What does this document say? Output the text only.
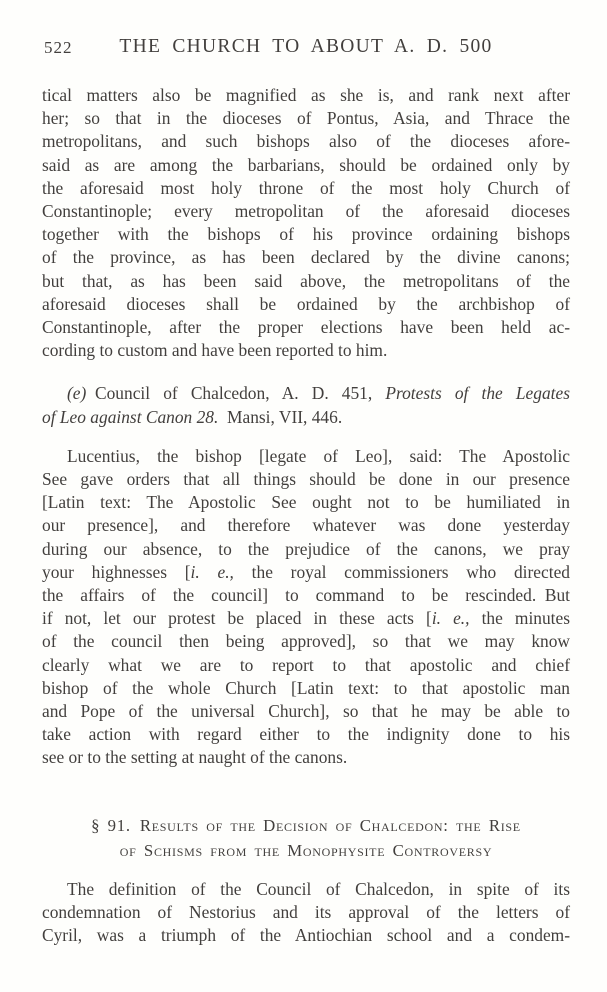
522	THE CHURCH TO ABOUT A. D. 500
tical matters also be magnified as she is, and rank next after
her; so that in the dioceses of Pontus, Asia, and Thrace the
metropolitans, and such bishops also of the dioceses afore-
said as are among the barbarians, should be ordained only by
the aforesaid most holy throne of the most holy Church of
Constantinople; every metropolitan of the aforesaid dioceses
together with the bishops of his province ordaining bishops
of the province, as has been declared by the divine canons;
but that, as has been said above, the metropolitans of the
aforesaid dioceses shall be ordained by the archbishop of
Constantinople, after the proper elections have been held ac-
cording to custom and have been reported to him.
(e) Council of Chalcedon, A. D. 451, Protests of the Legates
of Leo against Canon 28. Mansi, VII, 446.
Lucentius, the bishop [legate of Leo], said: The Apostolic
See gave orders that all things should be done in our presence
[Latin text: The Apostolic See ought not to be humiliated in
our presence], and therefore whatever was done yesterday
during our absence, to the prejudice of the canons, we pray
your highnesses [i. e., the royal commissioners who directed
the affairs of the council] to command to be rescinded. But
if not, let our protest be placed in these acts [i. e., the minutes
of the council then being approved], so that we may know
clearly what we are to report to that apostolic and chief
bishop of the whole Church [Latin text: to that apostolic man
and Pope of the universal Church], so that he may be able to
take action with regard either to the indignity done to his
see or to the setting at naught of the canons.
§ 91. Results of the Decision of Chalcedon: the Rise
of Schisms from the Monophysite Controversy
The definition of the Council of Chalcedon, in spite of its
condemnation of Nestorius and its approval of the letters of
Cyril, was a triumph of the Antiochian school and a condem-
